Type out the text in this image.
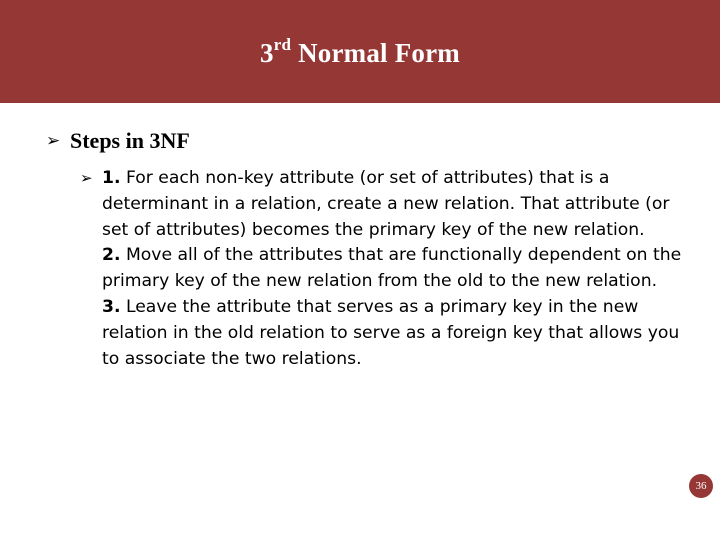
3rd Normal Form
➢ Steps in 3NF
➢ 1. For each non-key attribute (or set of attributes) that is a determinant in a relation, create a new relation. That attribute (or set of attributes) becomes the primary key of the new relation.
2. Move all of the attributes that are functionally dependent on the primary key of the new relation from the old to the new relation.
3. Leave the attribute that serves as a primary key in the new relation in the old relation to serve as a foreign key that allows you to associate the two relations.
36
